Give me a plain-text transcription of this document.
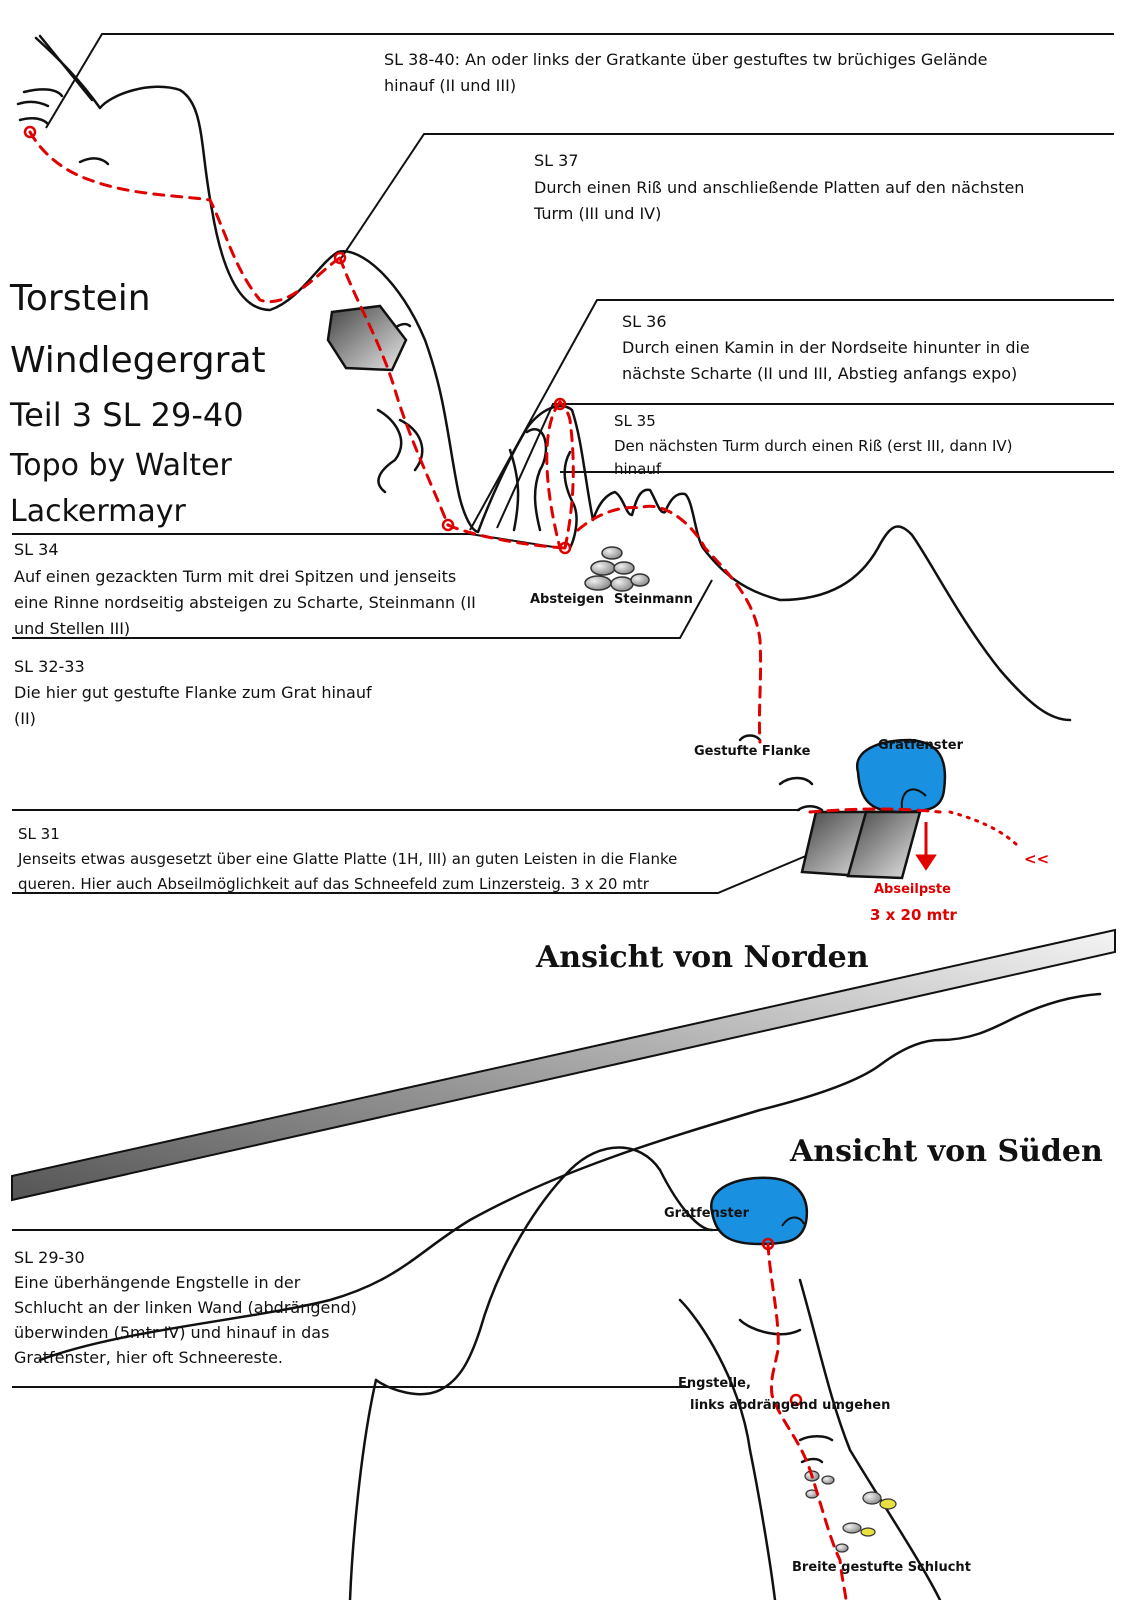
Torstein
Windlegergrat
Teil 3 SL 29-40
Topo by Walter
Lackermayr
SL 38-40: An oder links der Gratkante über gestuftes tw brüchiges Gelände
hinauf (II und III)
SL 37
Durch einen Riß und anschließende Platten auf den nächsten
Turm (III und IV)
SL 36
Durch einen Kamin in der Nordseite hinunter in die
nächste Scharte (II und III, Abstieg anfangs expo)
SL 35
Den nächsten Turm durch einen Riß (erst III, dann IV)
hinauf
SL 34
Auf einen gezackten Turm mit drei Spitzen und jenseits
eine Rinne nordseitig absteigen zu Scharte, Steinmann (II
und Stellen III)
SL 32-33
Die hier gut gestufte Flanke zum Grat hinauf
(II)
SL 31
Jenseits etwas ausgesetzt über eine Glatte Platte (1H, III) an guten Leisten in die Flanke
queren. Hier auch Abseilmöglichkeit auf das Schneefeld zum Linzersteig. 3 x 20 mtr
SL 29-30
Eine überhängende Engstelle in der
Schlucht an der linken Wand (abdrängend)
überwinden (5mtr IV) und hinauf in das
Gratfenster, hier oft Schneereste.
Absteigen Steinmann
Gestufte Flanke	Gratfenster
Abseilpste
3 x 20 mtr
<<
Ansicht von Norden
Ansicht von Süden
Gratfenster
Engstelle,
links abdrängend umgehen
Breite gestufte Schlucht
